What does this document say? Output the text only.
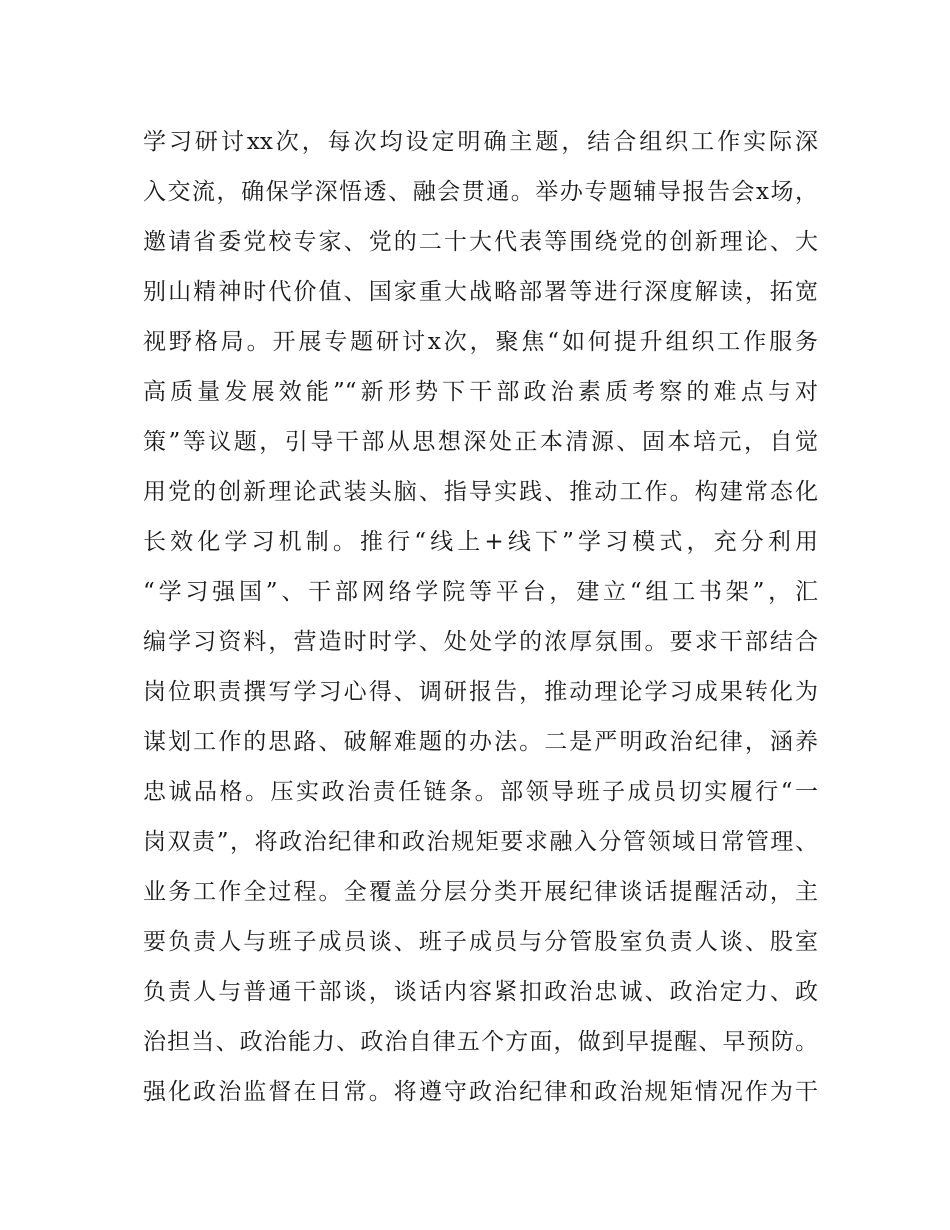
学习研讨xx次，每次均设定明确主题，结合组织工作实际深
入交流，确保学深悟透、融会贯通。举办专题辅导报告会x场，
邀请省委党校专家、党的二十大代表等围绕党的创新理论、大
别山精神时代价值、国家重大战略部署等进行深度解读，拓宽
视野格局。开展专题研讨x次，聚焦“如何提升组织工作服务
高质量发展效能”“新形势下干部政治素质考察的难点与对
策”等议题，引导干部从思想深处正本清源、固本培元，自觉
用党的创新理论武装头脑、指导实践、推动工作。构建常态化
长效化学习机制。推行“线上+线下”学习模式，充分利用
“学习强国”、干部网络学院等平台，建立“组工书架”，汇
编学习资料，营造时时学、处处学的浓厚氛围。要求干部结合
岗位职责撰写学习心得、调研报告，推动理论学习成果转化为
谋划工作的思路、破解难题的办法。二是严明政治纪律，涵养
忠诚品格。压实政治责任链条。部领导班子成员切实履行“一
岗双责”，将政治纪律和政治规矩要求融入分管领域日常管理、
业务工作全过程。全覆盖分层分类开展纪律谈话提醒活动，主
要负责人与班子成员谈、班子成员与分管股室负责人谈、股室
负责人与普通干部谈，谈话内容紧扣政治忠诚、政治定力、政
治担当、政治能力、政治自律五个方面，做到早提醒、早预防。
强化政治监督在日常。将遵守政治纪律和政治规矩情况作为干
